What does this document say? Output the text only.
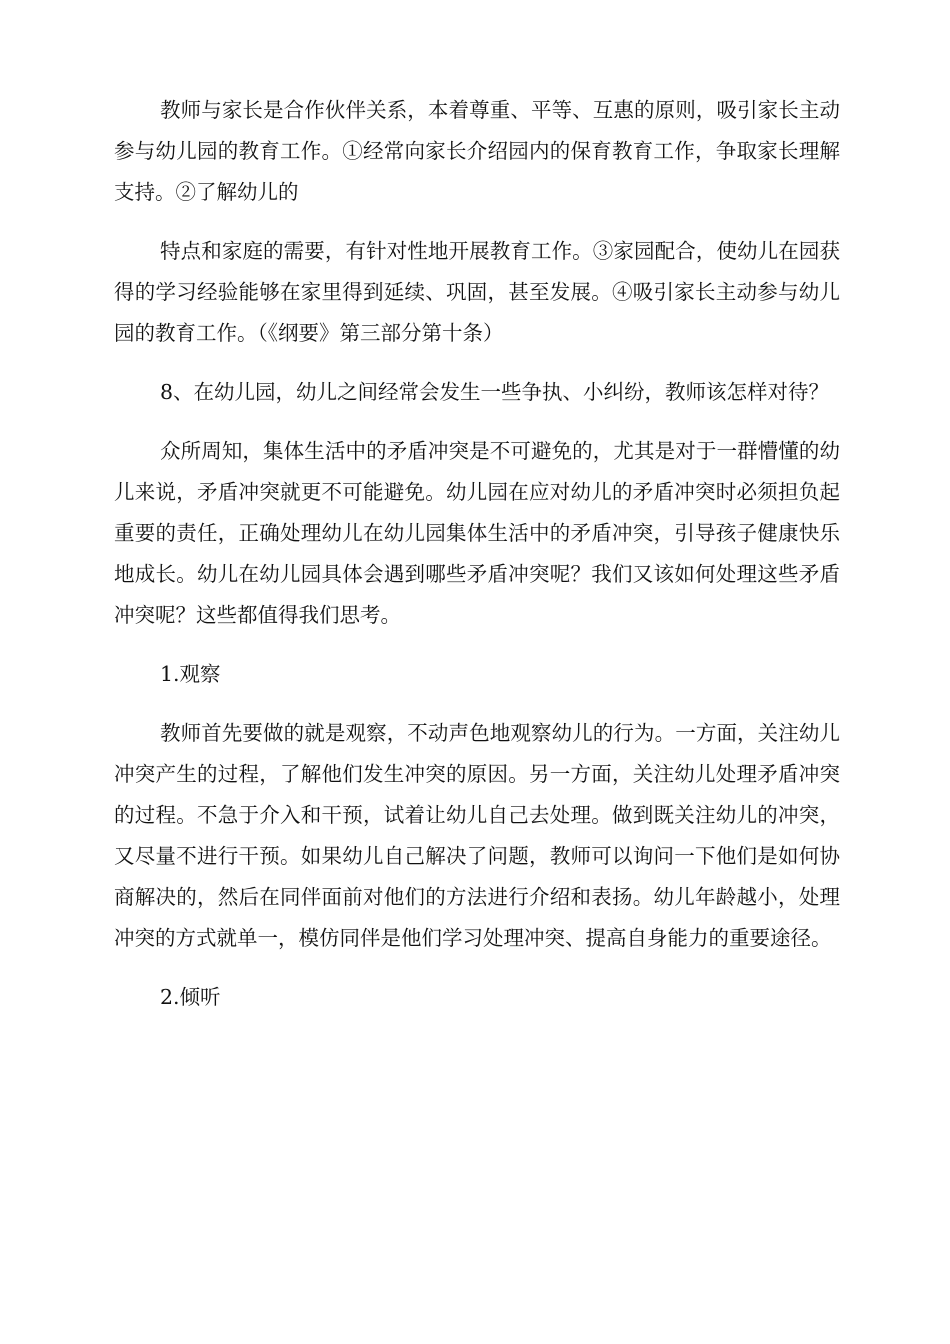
教师与家长是合作伙伴关系，本着尊重、平等、互惠的原则，吸引家长主动参与幼儿园的教育工作。①经常向家长介绍园内的保育教育工作，争取家长理解支持。②了解幼儿的

特点和家庭的需要，有针对性地开展教育工作。③家园配合，使幼儿在园获得的学习经验能够在家里得到延续、巩固，甚至发展。④吸引家长主动参与幼儿园的教育工作。（《纲要》第三部分第十条）

8、在幼儿园，幼儿之间经常会发生一些争执、小纠纷，教师该怎样对待？

众所周知，集体生活中的矛盾冲突是不可避免的，尤其是对于一群懵懂的幼儿来说，矛盾冲突就更不可能避免。幼儿园在应对幼儿的矛盾冲突时必须担负起重要的责任，正确处理幼儿在幼儿园集体生活中的矛盾冲突，引导孩子健康快乐地成长。幼儿在幼儿园具体会遇到哪些矛盾冲突呢？我们又该如何处理这些矛盾冲突呢？这些都值得我们思考。

1.观察

教师首先要做的就是观察，不动声色地观察幼儿的行为。一方面，关注幼儿冲突产生的过程，了解他们发生冲突的原因。另一方面，关注幼儿处理矛盾冲突的过程。不急于介入和干预，试着让幼儿自己去处理。做到既关注幼儿的冲突，又尽量不进行干预。如果幼儿自己解决了问题，教师可以询问一下他们是如何协商解决的，然后在同伴面前对他们的方法进行介绍和表扬。幼儿年龄越小，处理冲突的方式就单一，模仿同伴是他们学习处理冲突、提高自身能力的重要途径。

2.倾听
